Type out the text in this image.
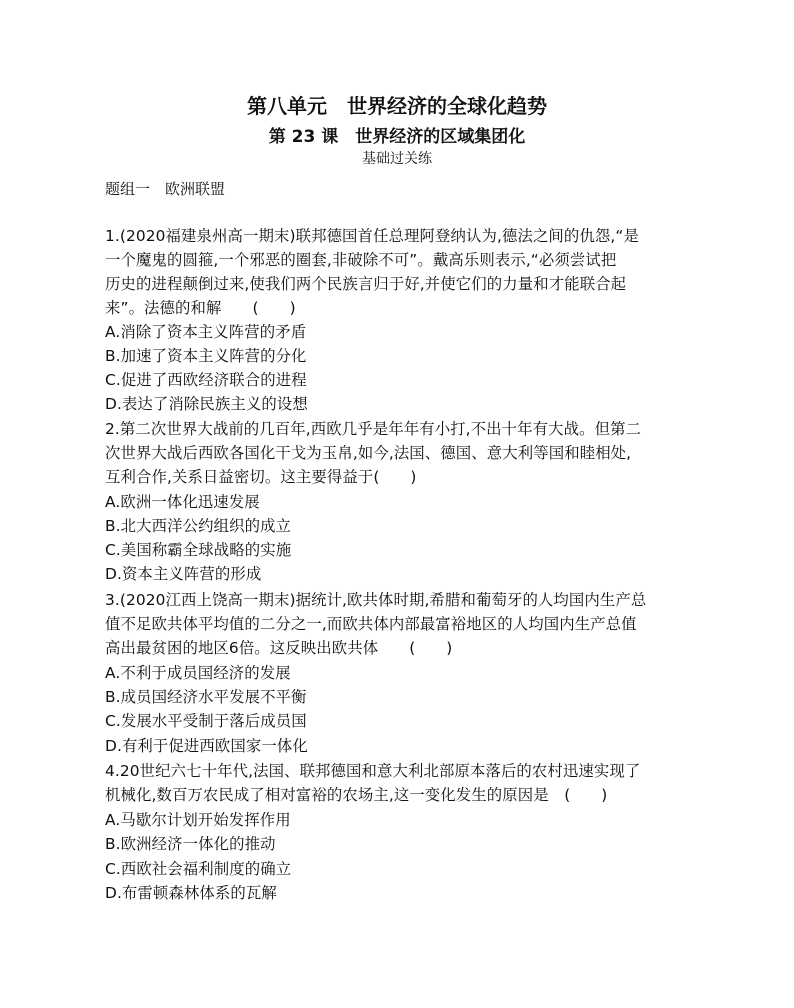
第八单元　世界经济的全球化趋势
第 23 课　世界经济的区域集团化
基础过关练
题组一　欧洲联盟
1.(2020福建泉州高一期末)联邦德国首任总理阿登纳认为,德法之间的仇怨,“是
一个魔鬼的圆箍,一个邪恶的圈套,非破除不可”。戴高乐则表示,“必须尝试把
历史的进程颠倒过来,使我们两个民族言归于好,并使它们的力量和才能联合起
来”。法德的和解　　(　　)
A.消除了资本主义阵营的矛盾
B.加速了资本主义阵营的分化
C.促进了西欧经济联合的进程
D.表达了消除民族主义的设想
2.第二次世界大战前的几百年,西欧几乎是年年有小打,不出十年有大战。但第二
次世界大战后西欧各国化干戈为玉帛,如今,法国、德国、意大利等国和睦相处,
互利合作,关系日益密切。这主要得益于(　　)
A.欧洲一体化迅速发展
B.北大西洋公约组织的成立
C.美国称霸全球战略的实施
D.资本主义阵营的形成
3.(2020江西上饶高一期末)据统计,欧共体时期,希腊和葡萄牙的人均国内生产总
值不足欧共体平均值的二分之一,而欧共体内部最富裕地区的人均国内生产总值
高出最贫困的地区6倍。这反映出欧共体　　(　　)
A.不利于成员国经济的发展
B.成员国经济水平发展不平衡
C.发展水平受制于落后成员国
D.有利于促进西欧国家一体化
4.20世纪六七十年代,法国、联邦德国和意大利北部原本落后的农村迅速实现了
机械化,数百万农民成了相对富裕的农场主,这一变化发生的原因是　(　　)
A.马歇尔计划开始发挥作用
B.欧洲经济一体化的推动
C.西欧社会福利制度的确立
D.布雷顿森林体系的瓦解
